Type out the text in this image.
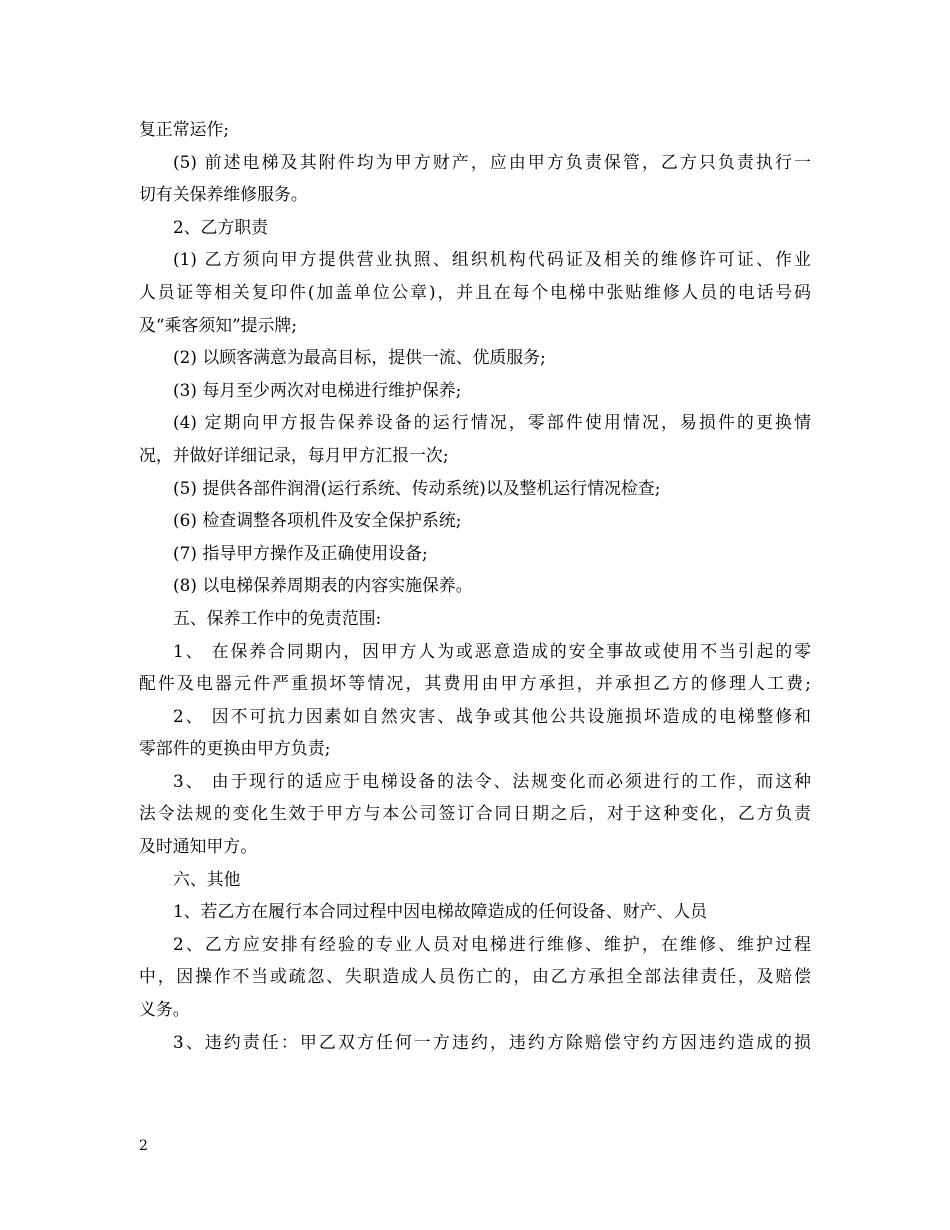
复正常运作;
(5) 前述电梯及其附件均为甲方财产，应由甲方负责保管，乙方只负责执行一
切有关保养维修服务。
2、乙方职责
(1) 乙方须向甲方提供营业执照、组织机构代码证及相关的维修许可证、作业
人员证等相关复印件(加盖单位公章)，并且在每个电梯中张贴维修人员的电话号码
及“乘客须知”提示牌;
(2) 以顾客满意为最高目标，提供一流、优质服务;
(3) 每月至少两次对电梯进行维护保养;
(4) 定期向甲方报告保养设备的运行情况，零部件使用情况，易损件的更换情
况，并做好详细记录，每月甲方汇报一次;
(5) 提供各部件润滑(运行系统、传动系统)以及整机运行情况检查;
(6) 检查调整各项机件及安全保护系统;
(7) 指导甲方操作及正确使用设备;
(8) 以电梯保养周期表的内容实施保养。
五、保养工作中的免责范围:
1、 在保养合同期内，因甲方人为或恶意造成的安全事故或使用不当引起的零
配件及电器元件严重损坏等情况，其费用由甲方承担，并承担乙方的修理人工费;
2、 因不可抗力因素如自然灾害、战争或其他公共设施损坏造成的电梯整修和
零部件的更换由甲方负责;
3、 由于现行的适应于电梯设备的法令、法规变化而必须进行的工作，而这种
法令法规的变化生效于甲方与本公司签订合同日期之后，对于这种变化，乙方负责
及时通知甲方。
六、其他
1、若乙方在履行本合同过程中因电梯故障造成的任何设备、财产、人员
2、乙方应安排有经验的专业人员对电梯进行维修、维护，在维修、维护过程
中，因操作不当或疏忽、失职造成人员伤亡的，由乙方承担全部法律责任，及赔偿
义务。
3、违约责任：甲乙双方任何一方违约，违约方除赔偿守约方因违约造成的损
2
